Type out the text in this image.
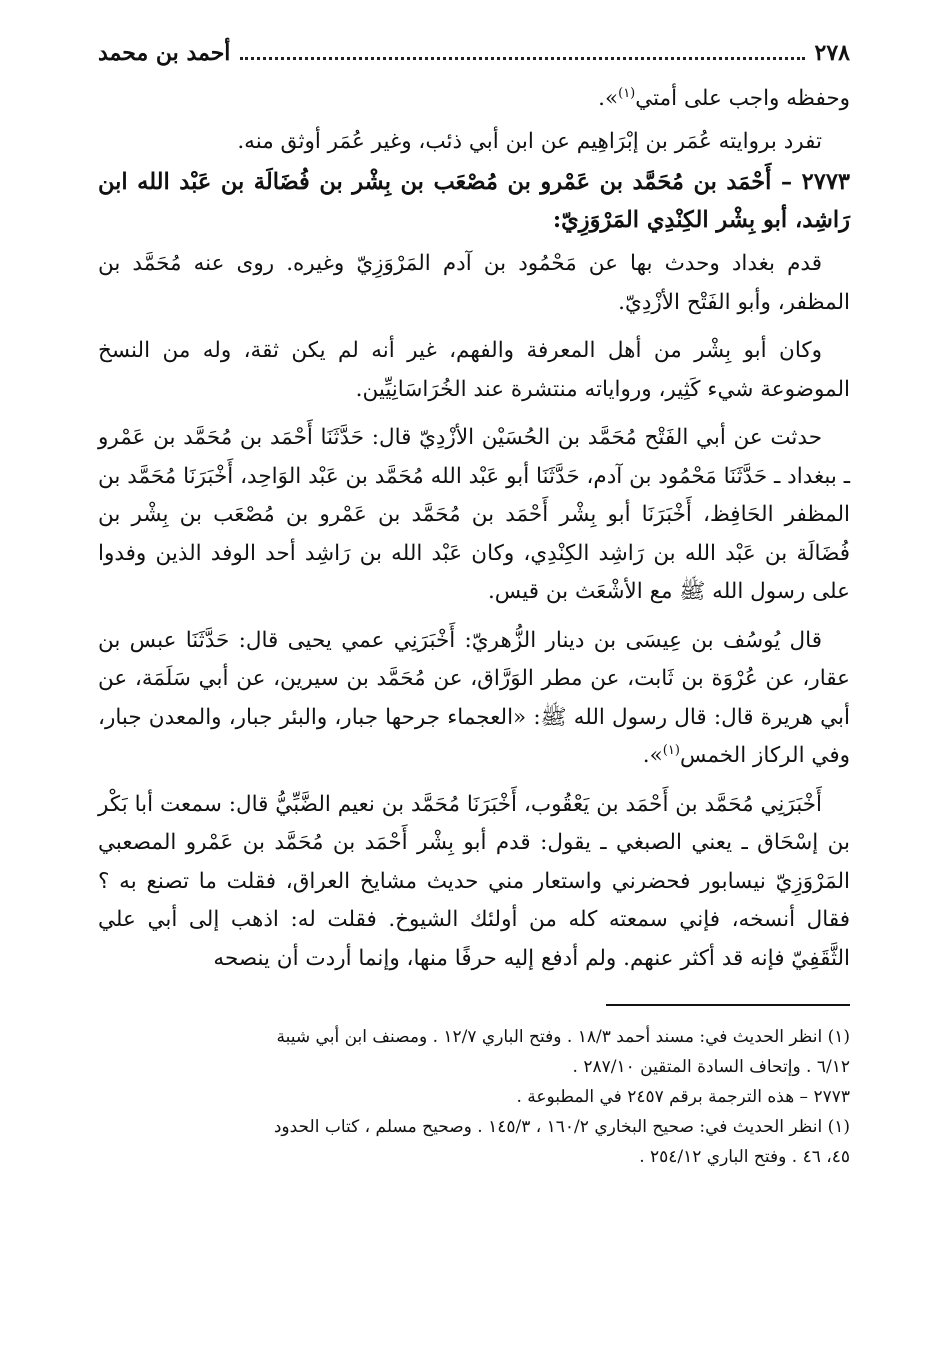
٢٧٨
أحمد بن محمد

وحفظه واجب على أمتي$^{(١)}$».

تفرد بروايته عُمَر بن إبْرَاهِيم عن ابن أبي ذئب، وغير عُمَر أوثق منه.

٢٧٧٣ – أَحْمَد بن مُحَمَّد بن عَمْرو بن مُصْعَب بن بِشْر بن فُضَالَة بن عَبْد الله ابن رَاشِد، أبو بِشْر الكِنْدِي المَرْوَزِيّ:

قدم بغداد وحدث بها عن مَحْمُود بن آدم المَرْوَزِيّ وغيره. روى عنه مُحَمَّد بن المظفر، وأبو الفَتْح الأزْدِيّ.

وكان أبو بِشْر من أهل المعرفة والفهم، غير أنه لم يكن ثقة، وله من النسخ الموضوعة شيء كَثِير، ورواياته منتشرة عند الخُرَاسَانِيِّين.

حدثت عن أبي الفَتْح مُحَمَّد بن الحُسَيْن الأزْدِيّ قال: حَدَّثَنَا أَحْمَد بن مُحَمَّد بن عَمْرو ـ ببغداد ـ حَدَّثَنَا مَحْمُود بن آدم، حَدَّثَنَا أبو عَبْد الله مُحَمَّد بن عَبْد الوَاحِد، أَخْبَرَنَا مُحَمَّد بن المظفر الحَافِظ، أَخْبَرَنَا أبو بِشْر أَحْمَد بن مُحَمَّد بن عَمْرو بن مُصْعَب بن بِشْر بن فُضَالَة بن عَبْد الله بن رَاشِد الكِنْدِي، وكان عَبْد الله بن رَاشِد أحد الوفد الذين وفدوا على رسول الله ﷺ مع الأشْعَث بن قيس.

قال يُوسُف بن عِيسَى بن دينار الزُّهريّ: أَخْبَرَنِي عمي يحيى قال: حَدَّثَنَا عبس بن عقار، عن عُرْوَة بن ثَابت، عن مطر الوَرَّاق، عن مُحَمَّد بن سيرين، عن أبي سَلَمَة، عن أبي هريرة قال: قال رسول الله ﷺ: «العجماء جرحها جبار، والبئر جبار، والمعدن جبار، وفي الركاز الخمس$^{(١)}$».

أَخْبَرَنِي مُحَمَّد بن أَحْمَد بن يَعْقُوب، أَخْبَرَنَا مُحَمَّد بن نعيم الضَّبِّيُّ قال: سمعت أبا بَكْر بن إسْحَاق ـ يعني الصبغي ـ يقول: قدم أبو بِشْر أَحْمَد بن مُحَمَّد بن عَمْرو المصعبي المَرْوَزِيّ نيسابور فحضرني واستعار مني حديث مشايخ العراق، فقلت ما تصنع به ؟ فقال أنسخه، فإني سمعته كله من أولئك الشيوخ. فقلت له: اذهب إلى أبي علي الثَّقَفِيّ فإنه قد أكثر عنهم. ولم أدفع إليه حرفًا منها، وإنما أردت أن ينصحه

(١) انظر الحديث في: مسند أحمد ١٨/٣ . وفتح الباري ١٢/٧ . ومصنف ابن أبي شيبة

٦/١٢ . وإتحاف السادة المتقين ٢٨٧/١٠ .

٢٧٧٣ – هذه الترجمة برقم ٢٤٥٧ في المطبوعة .

(١) انظر الحديث في: صحيح البخاري ١٦٠/٢ ، ١٤٥/٣ . وصحيح مسلم ، كتاب الحدود

٤٥، ٤٦ . وفتح الباري ٢٥٤/١٢ .
